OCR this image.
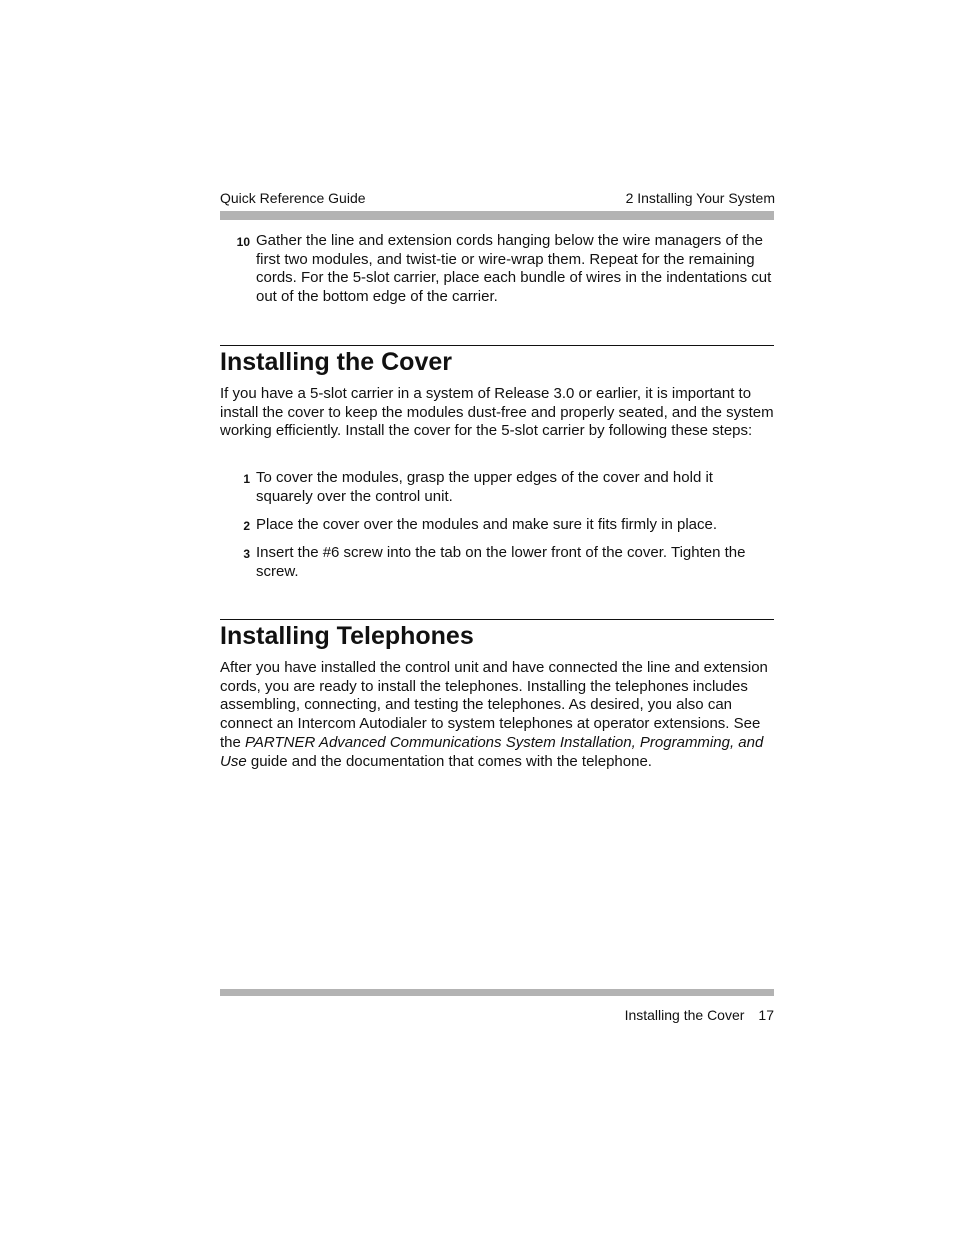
Quick Reference Guide	2 Installing Your System
10 Gather the line and extension cords hanging below the wire managers of the first two modules, and twist-tie or wire-wrap them. Repeat for the remaining cords. For the 5-slot carrier, place each bundle of wires in the indentations cut out of the bottom edge of the carrier.

Installing the Cover

If you have a 5-slot carrier in a system of Release 3.0 or earlier, it is important to install the cover to keep the modules dust-free and properly seated, and the system working efficiently. Install the cover for the 5-slot carrier by following these steps:

1 To cover the modules, grasp the upper edges of the cover and hold it squarely over the control unit.

2 Place the cover over the modules and make sure it fits firmly in place.

3 Insert the #6 screw into the tab on the lower front of the cover. Tighten the screw.

Installing Telephones

After you have installed the control unit and have connected the line and extension cords, you are ready to install the telephones. Installing the telephones includes assembling, connecting, and testing the telephones. As desired, you also can connect an Intercom Autodialer to system telephones at operator extensions. See the PARTNER Advanced Communications System Installation, Programming, and Use guide and the documentation that comes with the telephone.

Installing the Cover 17
